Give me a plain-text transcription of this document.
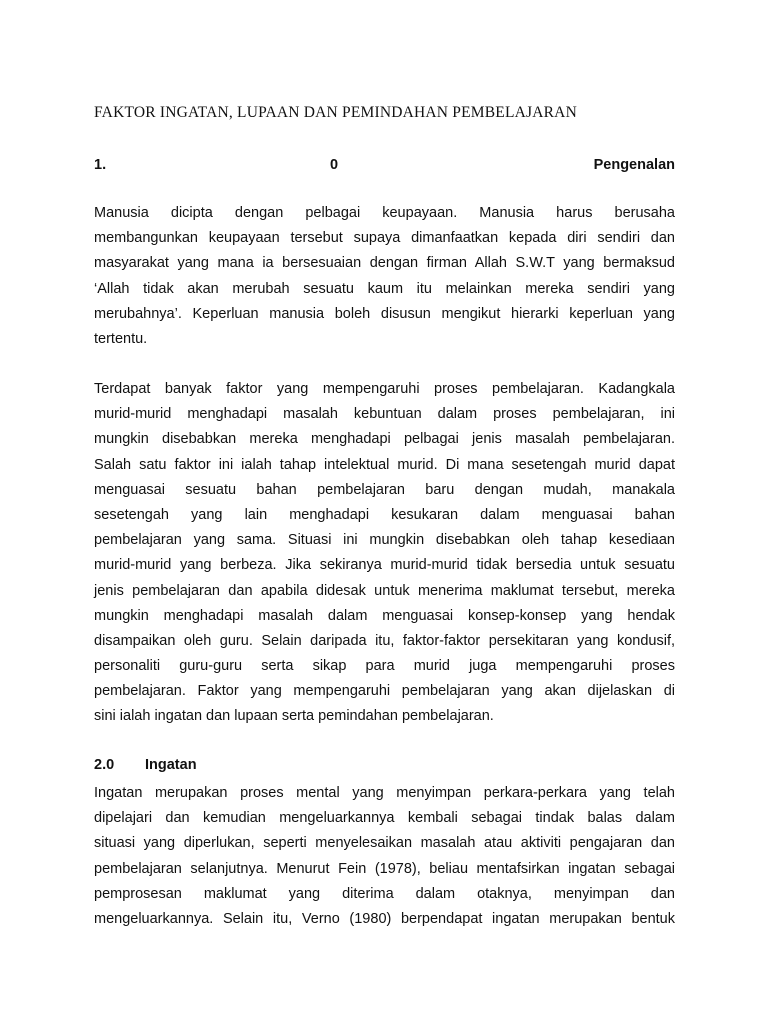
FAKTOR INGATAN, LUPAAN DAN PEMINDAHAN PEMBELAJARAN
1.	0	Pengenalan
Manusia dicipta dengan pelbagai keupayaan. Manusia harus berusaha
membangunkan keupayaan tersebut supaya dimanfaatkan kepada diri sendiri dan
masyarakat yang mana ia bersesuaian dengan firman Allah S.W.T yang bermaksud
‘Allah tidak akan merubah sesuatu kaum itu melainkan mereka sendiri yang
merubahnya’. Keperluan manusia boleh disusun mengikut hierarki keperluan yang
tertentu.
Terdapat banyak faktor yang mempengaruhi proses pembelajaran. Kadangkala
murid-murid menghadapi masalah kebuntuan dalam proses pembelajaran, ini
mungkin disebabkan mereka menghadapi pelbagai jenis masalah pembelajaran.
Salah satu faktor ini ialah tahap intelektual murid. Di mana sesetengah murid dapat
menguasai sesuatu bahan pembelajaran baru dengan mudah, manakala
sesetengah yang lain menghadapi kesukaran dalam menguasai bahan
pembelajaran yang sama. Situasi ini mungkin disebabkan oleh tahap kesediaan
murid-murid yang berbeza. Jika sekiranya murid-murid tidak bersedia untuk sesuatu
jenis pembelajaran dan apabila didesak untuk menerima maklumat tersebut, mereka
mungkin menghadapi masalah dalam menguasai konsep-konsep yang hendak
disampaikan oleh guru. Selain daripada itu, faktor-faktor persekitaran yang kondusif,
personaliti guru-guru serta sikap para murid juga mempengaruhi proses
pembelajaran. Faktor yang mempengaruhi pembelajaran yang akan dijelaskan di
sini ialah ingatan dan lupaan serta pemindahan pembelajaran.
2.0 Ingatan
Ingatan merupakan proses mental yang menyimpan perkara-perkara yang telah
dipelajari dan kemudian mengeluarkannya kembali sebagai tindak balas dalam
situasi yang diperlukan, seperti menyelesaikan masalah atau aktiviti pengajaran dan
pembelajaran selanjutnya. Menurut Fein (1978), beliau mentafsirkan ingatan sebagai
pemprosesan maklumat yang diterima dalam otaknya, menyimpan dan
mengeluarkannya. Selain itu, Verno (1980) berpendapat ingatan merupakan bentuk
